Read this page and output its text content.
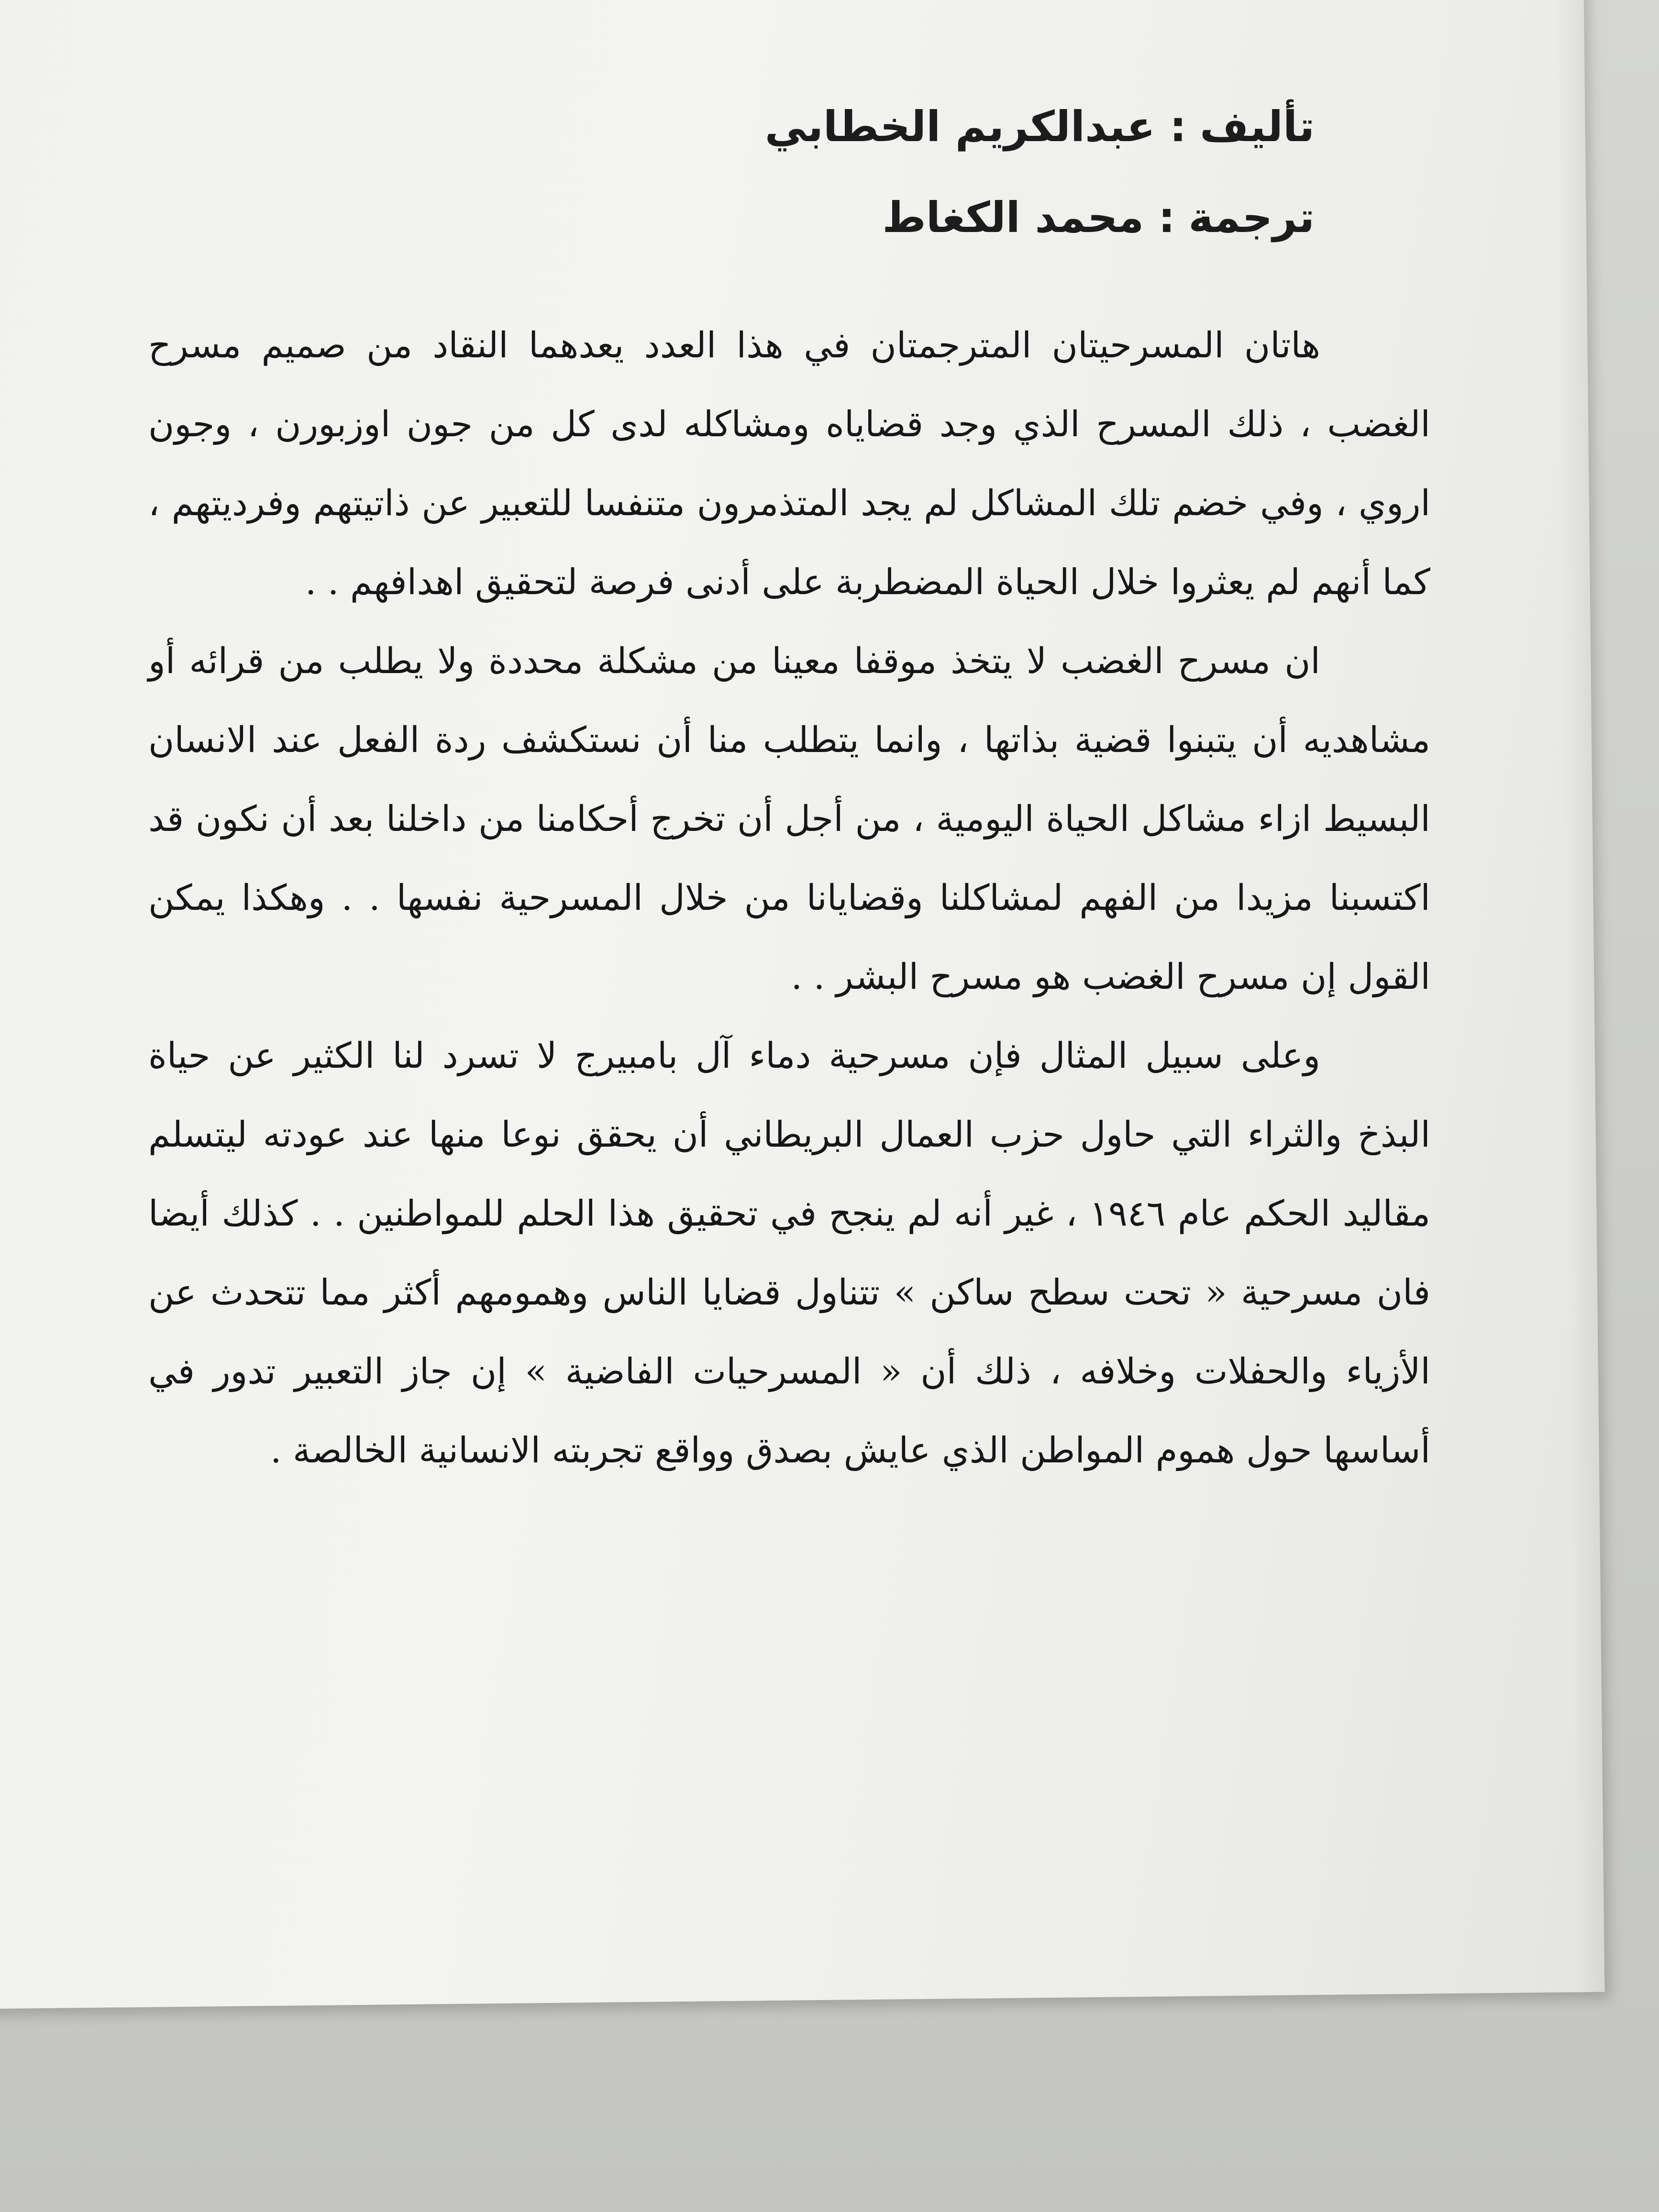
تأليف:عبدالكريم الخطابي
ترجمة:محمد الكغاط

هاتان المسرحيتان المترجمتان في هذا العدد يعدهما النقاد من صميم مسرح الغضب ، ذلك المسرح الذي وجد قضاياه ومشاكله لدى كل من جون اوزبورن ، وجون اروي ، وفي خضم تلك المشاكل لم يجد المتذمرون متنفسا للتعبير عن ذاتيتهم وفرديتهم ، كما أنهم لم يعثروا خلال الحياة المضطربة على أدنى فرصة لتحقيق اهدافهم . .

ان مسرح الغضب لا يتخذ موقفا معينا من مشكلة محددة ولا يطلب من قرائه أو مشاهديه أن يتبنوا قضية بذاتها ، وانما يتطلب منا أن نستكشف ردة الفعل عند الانسان البسيط ازاء مشاكل الحياة اليومية ، من أجل أن تخرج أحكامنا من داخلنا بعد أن نكون قد اكتسبنا مزيدا من الفهم لمشاكلنا وقضايانا من خلال المسرحية نفسها . . وهكذا يمكن القول إن مسرح الغضب هو مسرح البشر . .

وعلى سبيل المثال فإن مسرحية دماء آل بامبيرج لا تسرد لنا الكثير عن حياة البذخ والثراء التي حاول حزب العمال البريطاني أن يحقق نوعا منها عند عودته ليتسلم مقاليد الحكم عام ١٩٤٦ ، غير أنه لم ينجح في تحقيق هذا الحلم للمواطنين . . كذلك أيضا فان مسرحية « تحت سطح ساكن » تتناول قضايا الناس وهمومهم أكثر مما تتحدث عن الأزياء والحفلات وخلافه ، ذلك أن « المسرحيات الفاضية » إن جاز التعبير تدور في أساسها حول هموم المواطن الذي عايش بصدق وواقع تجربته الانسانية الخالصة .
